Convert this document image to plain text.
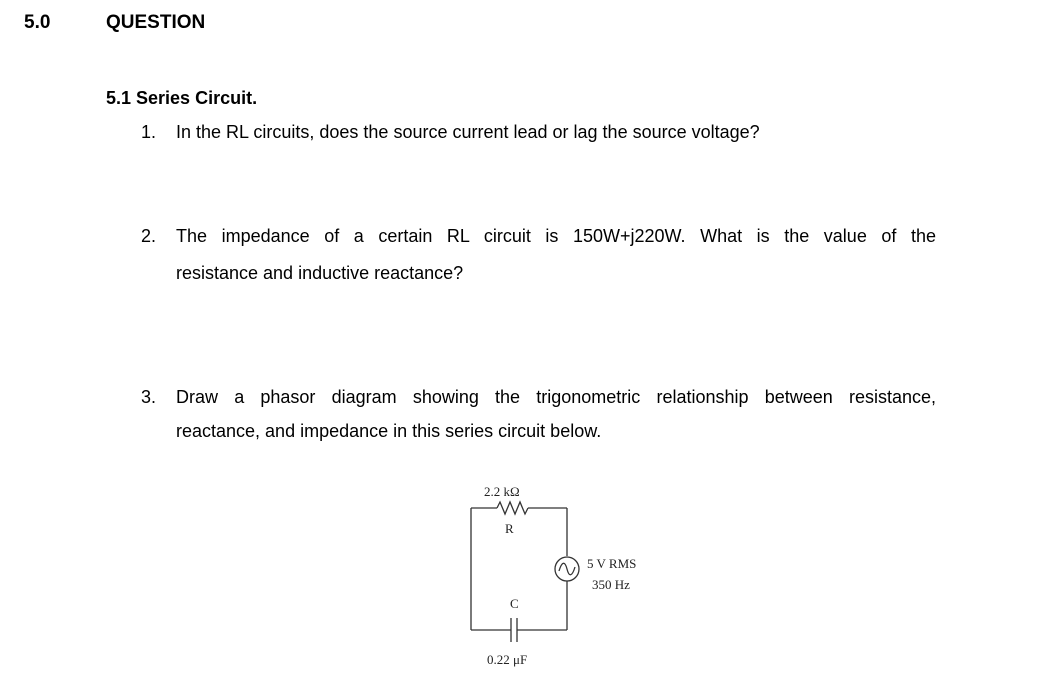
5.0	QUESTION
5.1 Series Circuit.
1. In the RL circuits, does the source current lead or lag the source voltage?
2. The impedance of a certain RL circuit is 150W+j220W. What is the value of the
resistance and inductive reactance?
3. Draw a phasor diagram showing the trigonometric relationship between resistance,
reactance, and impedance in this series circuit below.
2.2 kΩ
R
C
0.22 μF
5 V RMS
350 Hz
